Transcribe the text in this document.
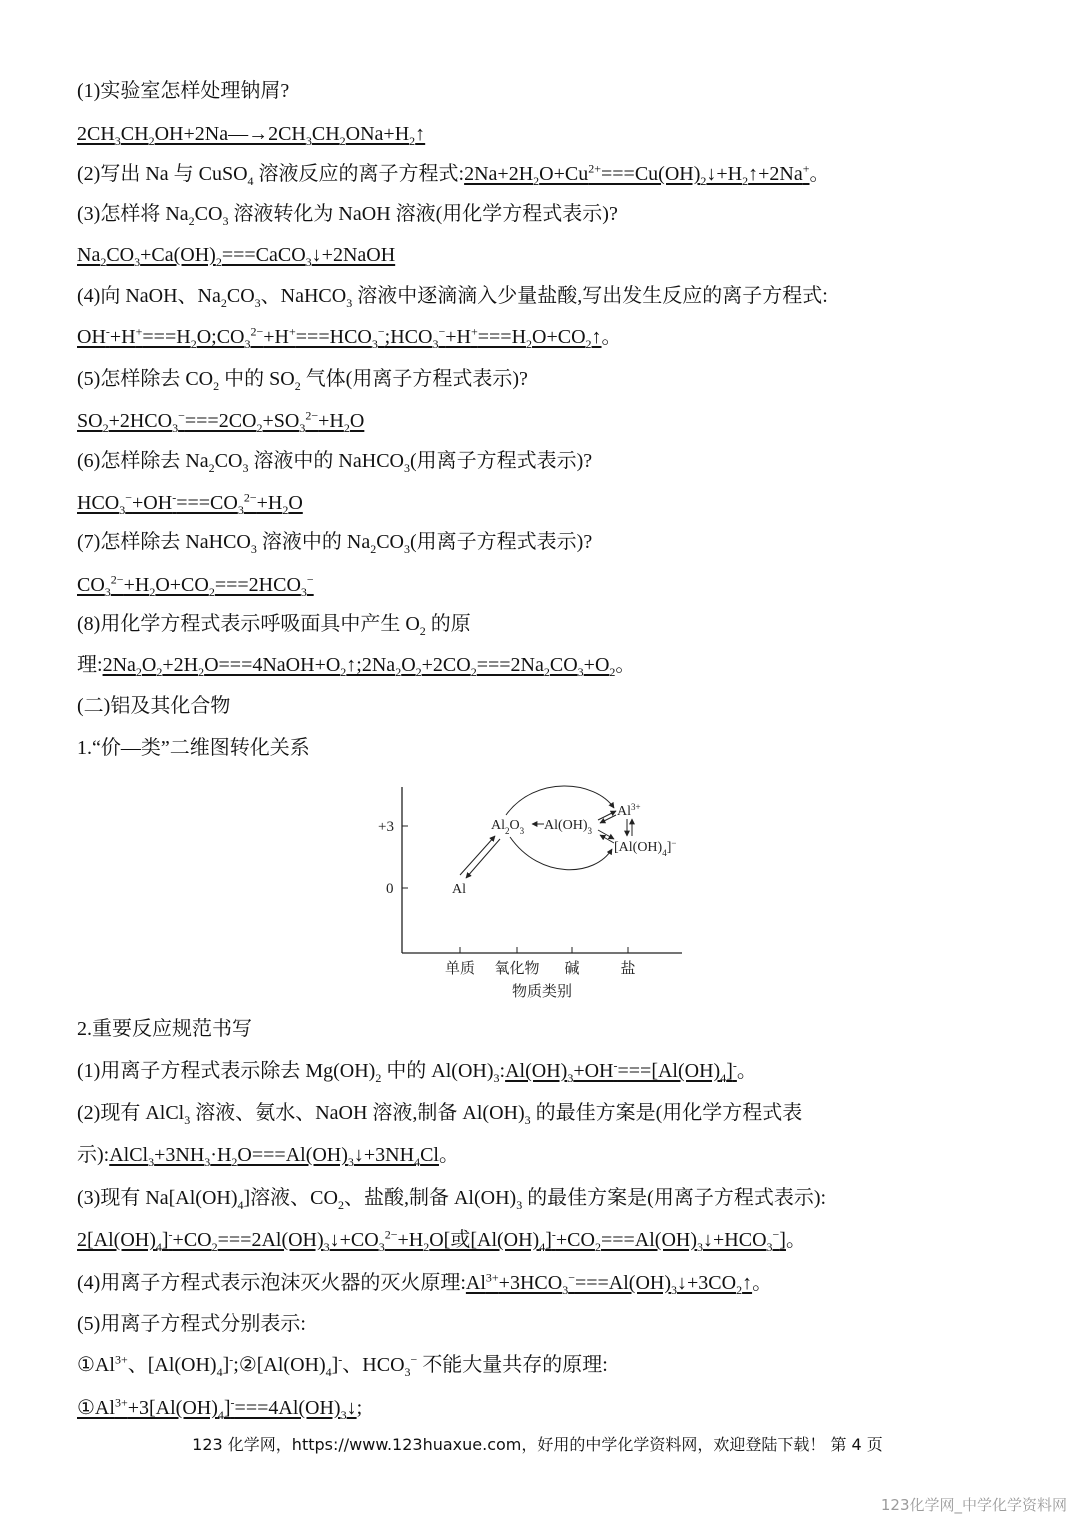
(1)实验室怎样处理钠屑?
$2CH_3CH_2OH+2Na—\to 2CH_3CH_2ONa+H_2↑$
(2)写出 Na 与 CuSO$_4$ 溶液反应的离子方程式$:2Na+2H_2O+Cu^{2+}===Cu(OH)_2↓+H_2↑+2Na^+$。
(3)怎样将 $Na_2CO_3$ 溶液转化为 NaOH 溶液(用化学方程式表示)?
$Na_2CO_3+Ca(OH)_2===CaCO_3↓+2NaOH$
(4)向 NaOH、$Na_2CO_3$、NaHCO$_3$ 溶液中逐滴滴入少量盐酸,写出发生反应的离子方程式:
$OH^-+H^+===H_2O;CO_3^{2-}+H^+===HCO_3^-;HCO_3^-+H^+===H_2O+CO_2↑$。
(5)怎样除去 $CO_2$ 中的 $SO_2$ 气体(用离子方程式表示)?
$SO_2+2HCO_3^-===2CO_2+SO_3^{2-}+H_2O$
(6)怎样除去 $Na_2CO_3$ 溶液中的 NaHCO$_3$(用离子方程式表示)?
$HCO_3^-+OH^-===CO_3^{2-}+H_2O$
(7)怎样除去 NaHCO$_3$ 溶液中的 $Na_2CO_3$(用离子方程式表示)?
$CO_3^{2-}+H_2O+CO_2===2HCO_3^-$
(8)用化学方程式表示呼吸面具中产生 $O_2$ 的原
理$:2Na_2O_2+2H_2O===4NaOH+O_2↑;2Na_2O_2+2CO_2===2Na_2CO_3+O_2$。
(二)铝及其化合物
1.“价—类”二维图转化关系
2.重要反应规范书写
(1)用离子方程式表示除去 $Mg(OH)_2$ 中的 $Al(OH)_3:Al(OH)_3+OH^-===[Al(OH)_4]^-$。
(2)现有 AlCl$_3$ 溶液、氨水、NaOH 溶液,制备 $Al(OH)_3$ 的最佳方案是(用化学方程式表
示)$:AlCl_3+3NH_3\cdot H_2O===Al(OH)_3↓+3NH_4Cl$。
(3)现有 $Na[Al(OH)_4]$溶液、$CO_2$、盐酸,制备 $Al(OH)_3$ 的最佳方案是(用离子方程式表示):
$2[Al(OH)_4]^-+CO_2===2Al(OH)_3↓+CO_3^{2-}+H_2O$[或$[Al(OH)_4]^-+CO_2===Al(OH)_3↓+HCO_3^-$]。
(4)用离子方程式表示泡沫灭火器的灭火原理$:Al^{3+}+3HCO_3^-===Al(OH)_3↓+3CO_2↑$。
(5)用离子方程式分别表示:
$①Al^{3+}$、$[Al(OH)_4]^-;②[Al(OH)_4]^-$、$HCO_3^-$ 不能大量共存的原理:
$①Al^{3+}+3[Al(OH)_4]^-===4Al(OH)_3↓$;
+3
0
单质 氧化物 碱	盐
物质类别
Al
$Al_2O_3$ $Al(OH)_3$
$Al^{3+}$
$[Al(OH)_4]^-$
123 化学网，https://www.123huaxue.com，好用的中学化学资料网，欢迎登陆下载！ 第 4 页
123化学网_中学化学资料网
